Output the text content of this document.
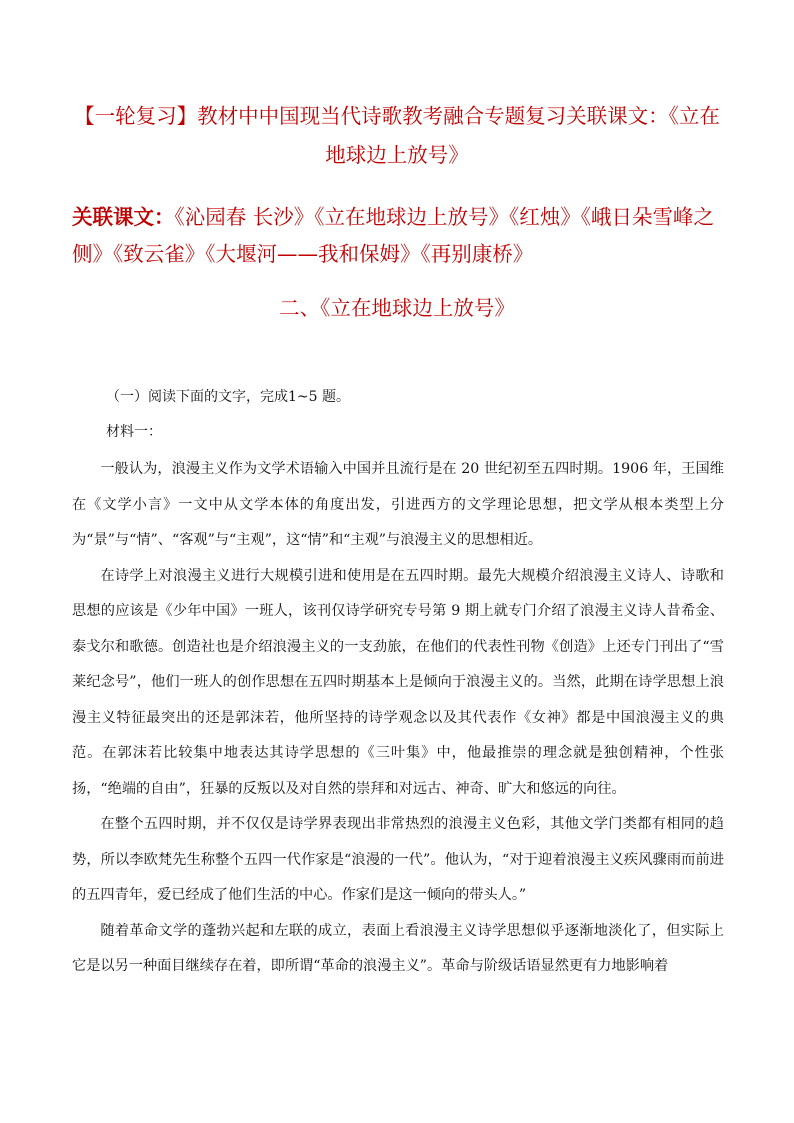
【一轮复习】教材中中国现当代诗歌教考融合专题复习关联课文：《立在地球边上放号》
关联课文：《沁园春 长沙》《立在地球边上放号》《红烛》《峨日朵雪峰之侧》《致云雀》《大堰河——我和保姆》《再别康桥》
二、《立在地球边上放号》
（一）阅读下面的文字，完成1~5 题。
材料一：

一般认为，浪漫主义作为文学术语输入中国并且流行是在 20 世纪初至五四时期。1906 年，王国维在《文学小言》一文中从文学本体的角度出发，引进西方的文学理论思想，把文学从根本类型上分为“景”与“情”、“客观”与“主观”，这“情”和“主观”与浪漫主义的思想相近。

在诗学上对浪漫主义进行大规模引进和使用是在五四时期。最先大规模介绍浪漫主义诗人、诗歌和思想的应该是《少年中国》一班人，该刊仅诗学研究专号第 9 期上就专门介绍了浪漫主义诗人昔希金、泰戈尔和歌德。创造社也是介绍浪漫主义的一支劲旅，在他们的代表性刊物《创造》上还专门刊出了“雪莱纪念号”，他们一班人的创作思想在五四时期基本上是倾向于浪漫主义的。当然，此期在诗学思想上浪漫主义特征最突出的还是郭沫若，他所坚持的诗学观念以及其代表作《女神》都是中国浪漫主义的典范。在郭沫若比较集中地表达其诗学思想的《三叶集》中，他最推崇的理念就是独创精神，个性张扬，“绝端的自由”，狂暴的反叛以及对自然的崇拜和对远古、神奇、旷大和悠远的向往。

在整个五四时期，并不仅仅是诗学界表现出非常热烈的浪漫主义色彩，其他文学门类都有相同的趋势，所以李欧梵先生称整个五四一代作家是“浪漫的一代”。他认为，“对于迎着浪漫主义疾风骤雨而前进的五四青年，爱已经成了他们生活的中心。作家们是这一倾向的带头人。”

随着革命文学的蓬勃兴起和左联的成立，表面上看浪漫主义诗学思想似乎逐渐地淡化了，但实际上它是以另一种面目继续存在着，即所谓“革命的浪漫主义”。革命与阶级话语显然更有力地影响着
